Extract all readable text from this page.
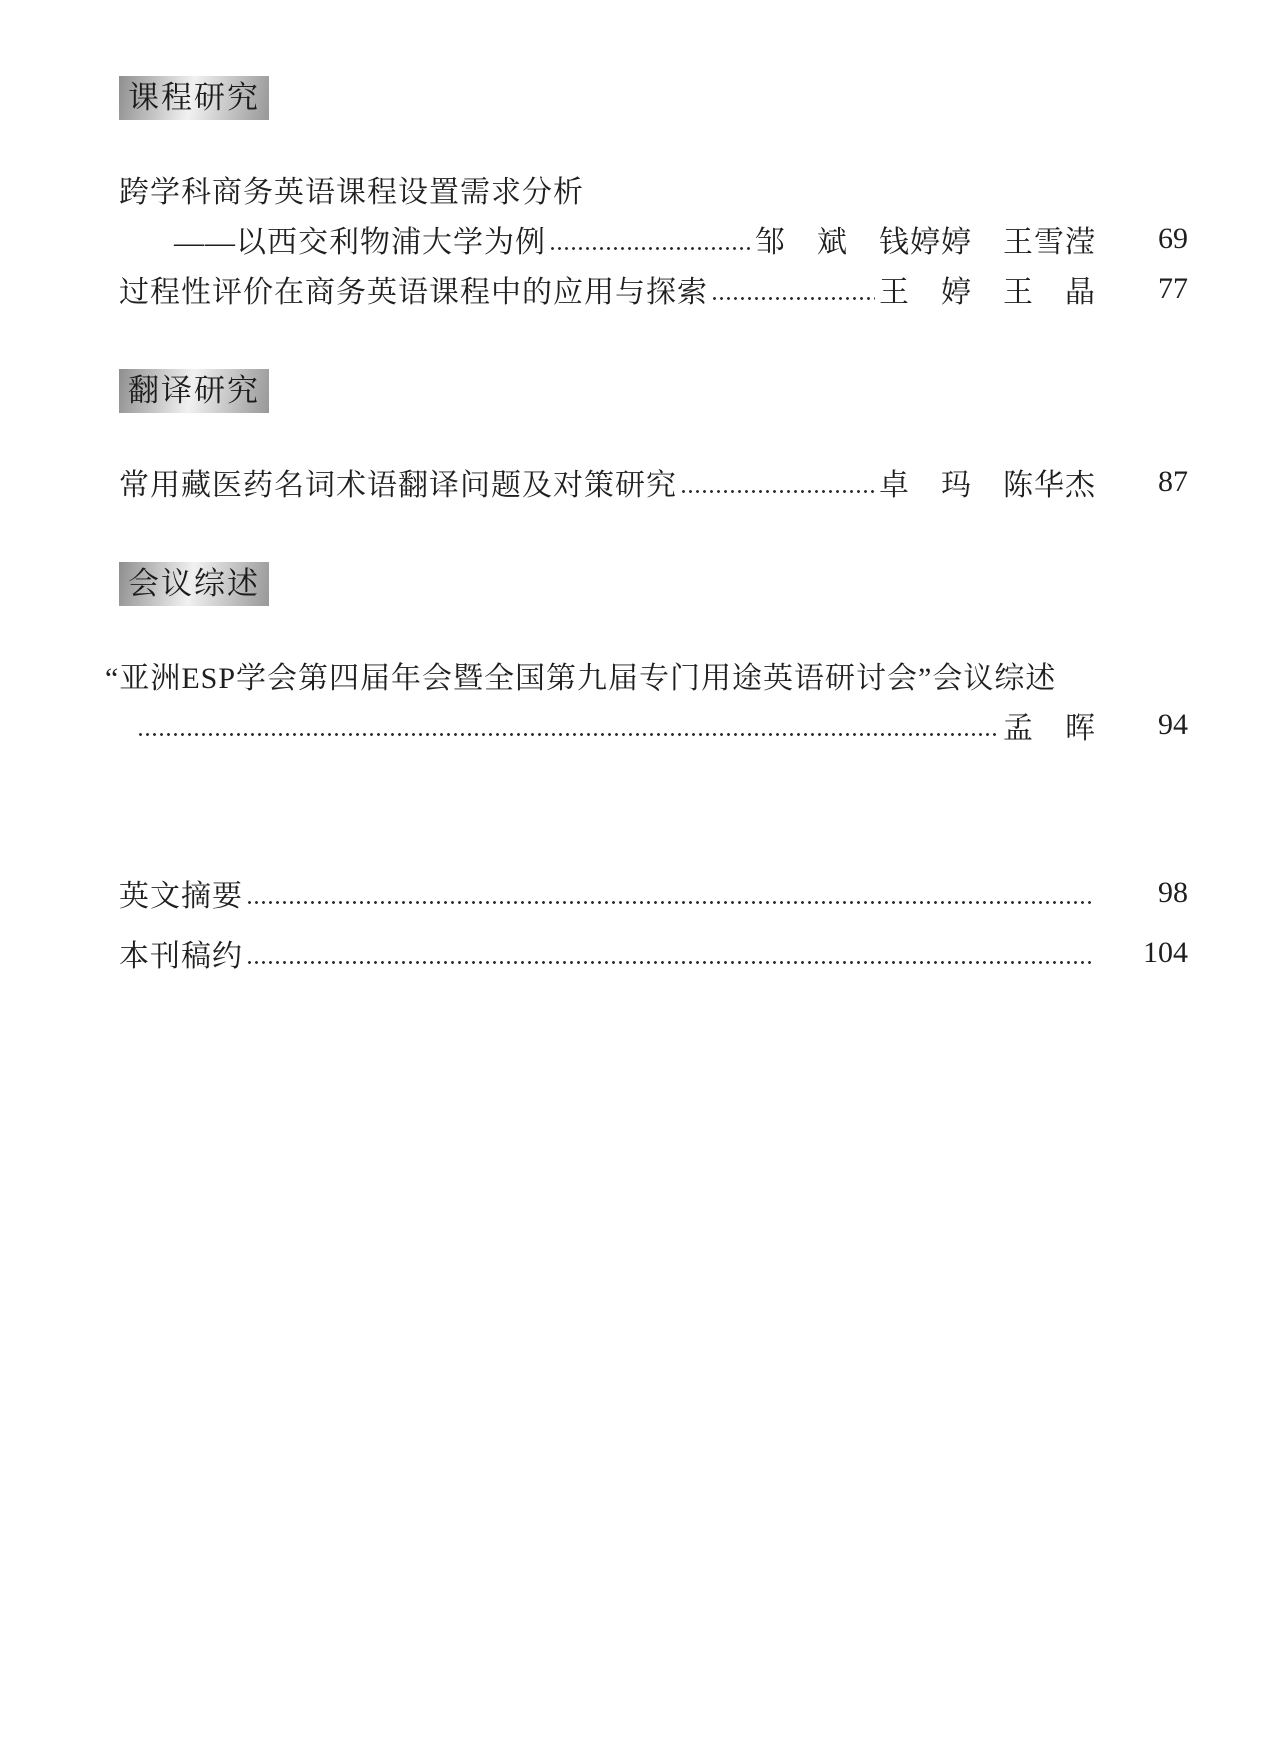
课程研究
跨学科商务英语课程设置需求分析
——以西交利物浦大学为例	邹　斌　钱婷婷　王雪滢	69
过程性评价在商务英语课程中的应用与探索	王　婷　王　晶	77
翻译研究
常用藏医药名词术语翻译问题及对策研究	卓　玛　陈华杰	87
会议综述
“亚洲ESP学会第四届年会暨全国第九届专门用途英语研讨会”会议综述
孟　晖	94
英文摘要	98
本刊稿约	104
